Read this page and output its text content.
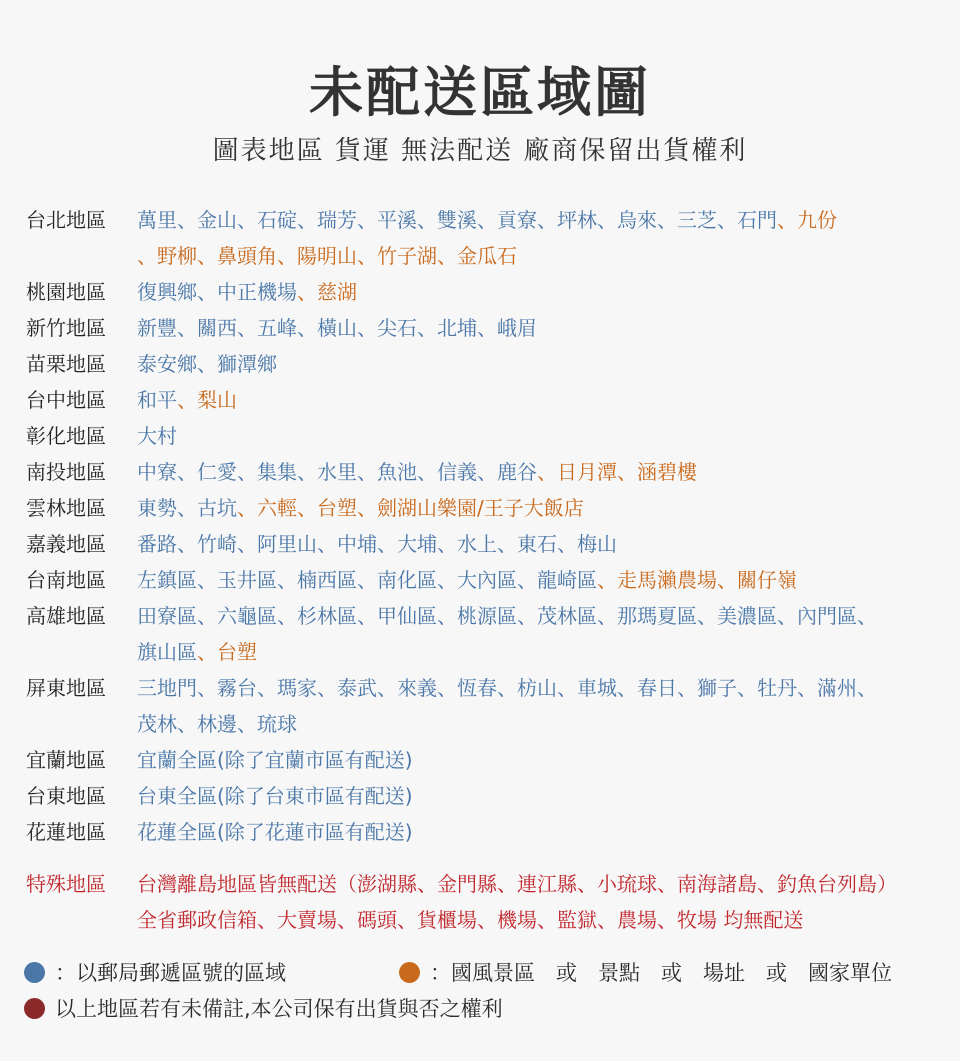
未配送區域圖
圖表地區 貨運 無法配送 廠商保留出貨權利
台北地區	萬里、金山、石碇、瑞芳、平溪、雙溪、貢寮、坪林、烏來、三芝、石門、九份
、野柳、鼻頭角、陽明山、竹子湖、金瓜石
桃園地區	復興鄉、中正機場、慈湖
新竹地區	新豐、關西、五峰、橫山、尖石、北埔、峨眉
苗栗地區	泰安鄉、獅潭鄉
台中地區	和平、梨山
彰化地區	大村
南投地區	中寮、仁愛、集集、水里、魚池、信義、鹿谷、日月潭、涵碧樓
雲林地區	東勢、古坑、六輕、台塑、劍湖山樂園/王子大飯店
嘉義地區	番路、竹崎、阿里山、中埔、大埔、水上、東石、梅山
台南地區	左鎮區、玉井區、楠西區、南化區、大內區、龍崎區、走馬瀨農場、關仔嶺
高雄地區	田寮區、六龜區、杉林區、甲仙區、桃源區、茂林區、那瑪夏區、美濃區、內門區、
旗山區、台塑
屏東地區	三地門、霧台、瑪家、泰武、來義、恆春、枋山、車城、春日、獅子、牡丹、滿州、
茂林、林邊、琉球
宜蘭地區	宜蘭全區(除了宜蘭市區有配送)
台東地區	台東全區(除了台東市區有配送)
花蓮地區	花蓮全區(除了花蓮市區有配送)
特殊地區	台灣離島地區皆無配送（澎湖縣、金門縣、連江縣、小琉球、南海諸島、釣魚台列島）
全省郵政信箱、大賣場、碼頭、貨櫃場、機場、監獄、農場、牧場 均無配送
：以郵局郵遞區號的區域	：國風景區　或　景點　或　場址　或　國家單位
以上地區若有未備註,本公司保有出貨與否之權利
